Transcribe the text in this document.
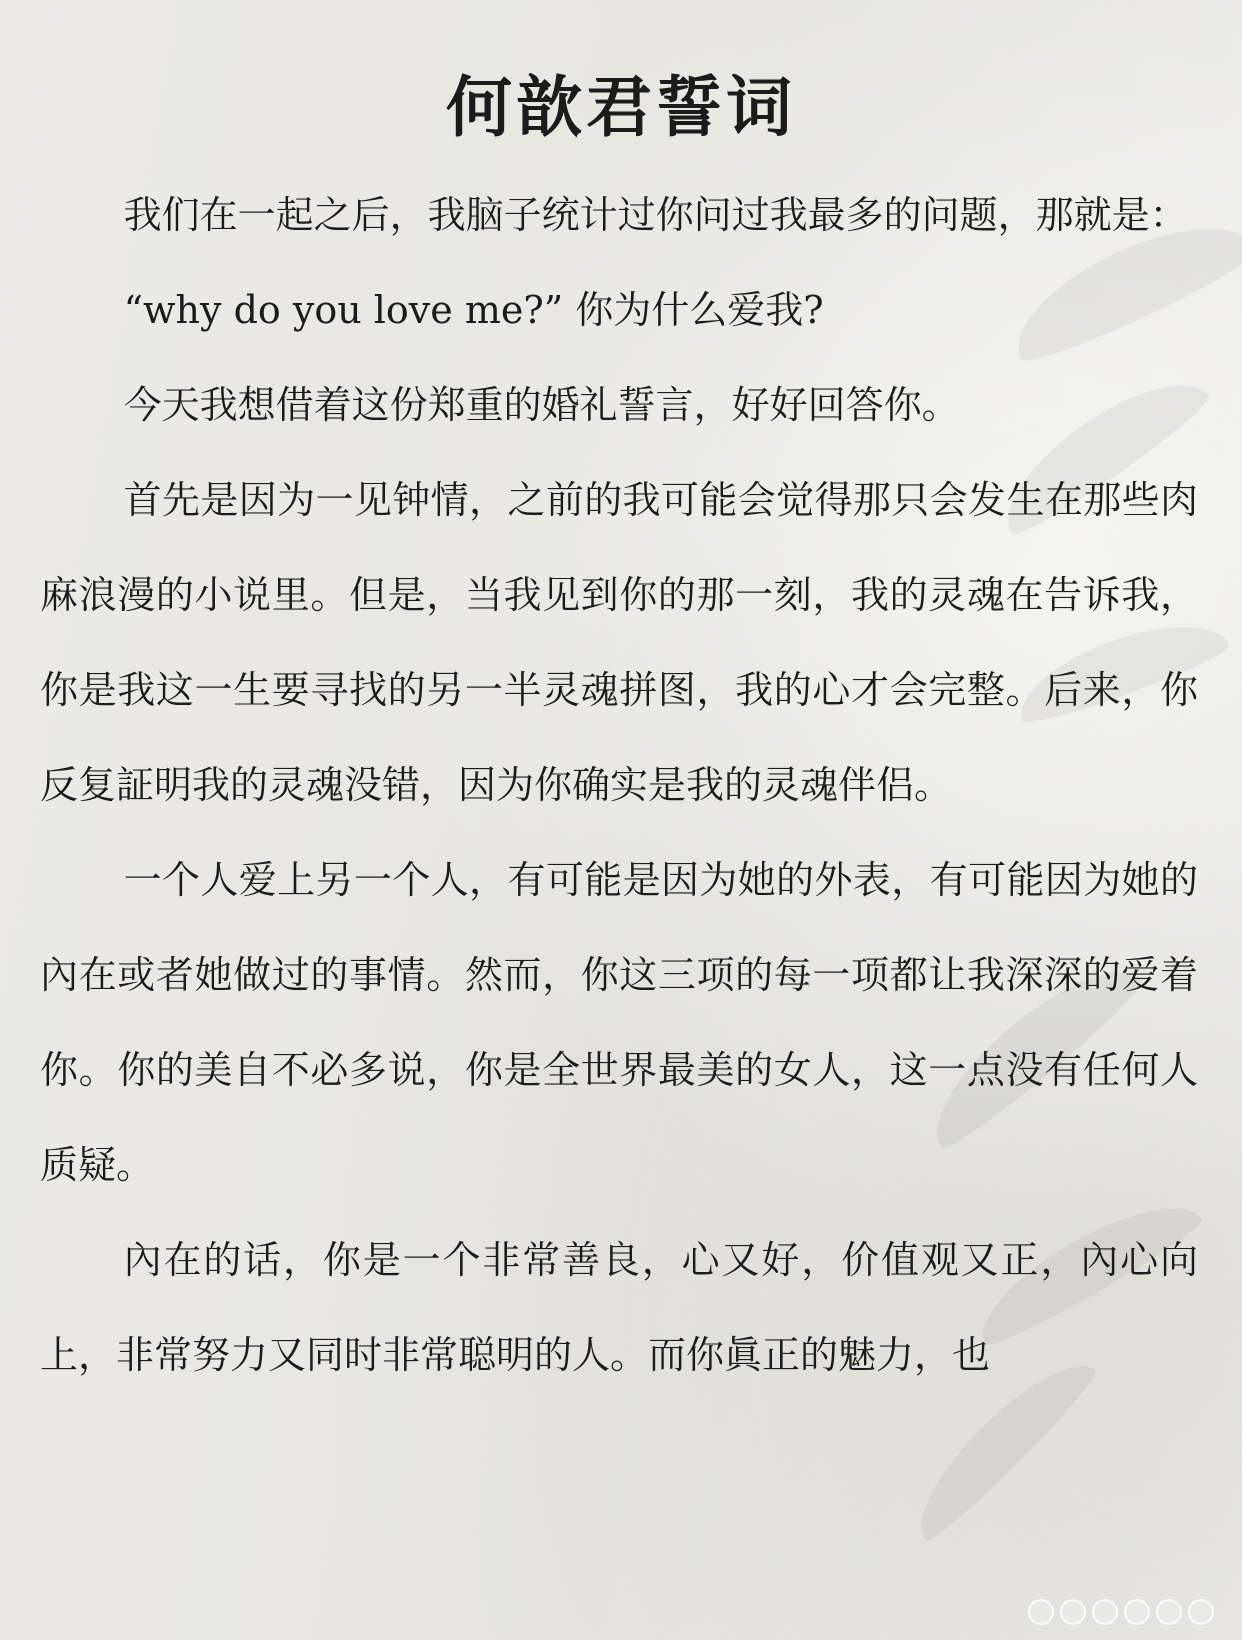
何歆君誓词

我们在一起之后，我脑子统计过你问过我最多的问题，那就是：

“why do you love me?” 你为什么爱我?

今天我想借着这份郑重的婚礼誓言，好好回答你。

首先是因为一见钟情，之前的我可能会觉得那只会发生在那些肉麻浪漫的小说里。但是，当我见到你的那一刻，我的灵魂在告诉我，你是我这一生要寻找的另一半灵魂拼图，我的心才会完整。后来，你反复証明我的灵魂没错，因为你确实是我的灵魂伴侣。

一个人爱上另一个人，有可能是因为她的外表，有可能因为她的內在或者她做过的事情。然而，你这三项的每一项都让我深深的爱着你。你的美自不必多说，你是全世界最美的女人，这一点没有任何人质疑。

內在的话，你是一个非常善良，心又好，价值观又正，內心向上，非常努力又同时非常聪明的人。而你眞正的魅力，也
